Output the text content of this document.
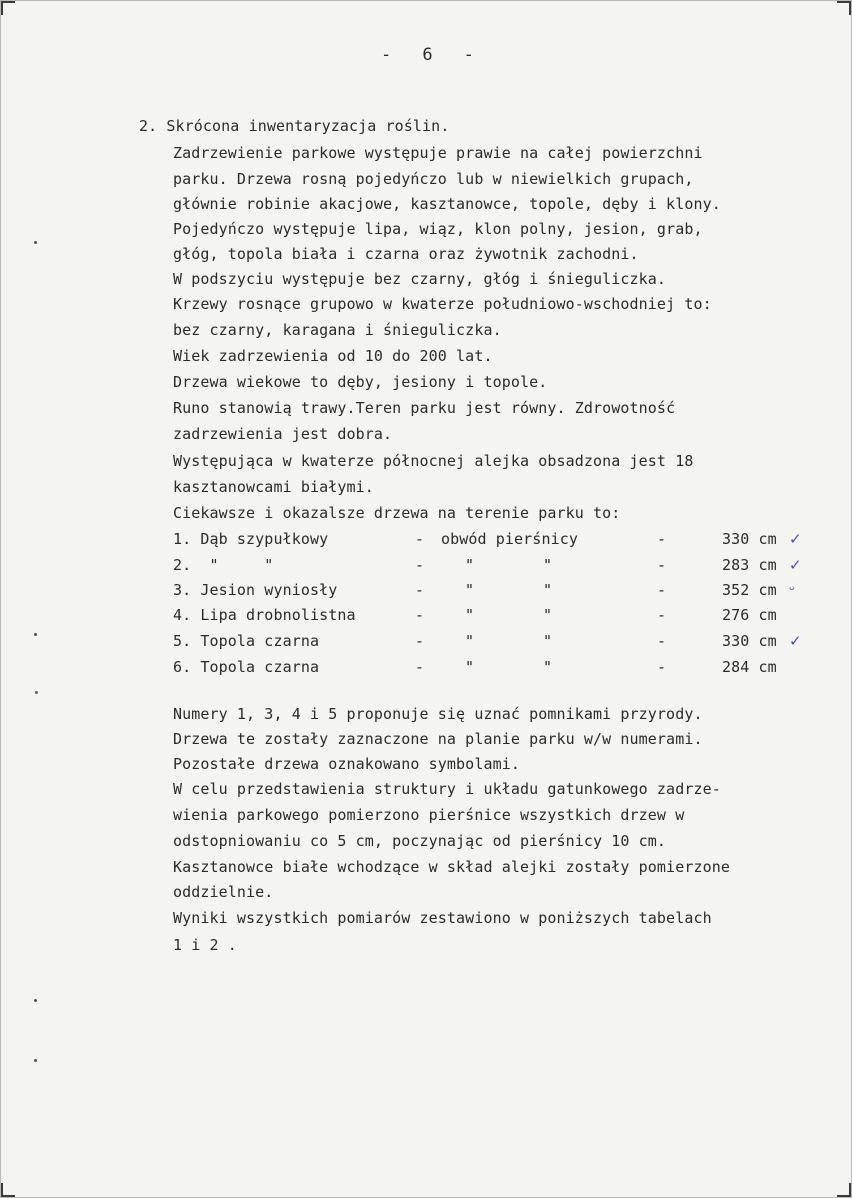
-   6   -
2. Skrócona inwentaryzacja roślin.
Zadrzewienie parkowe występuje prawie na całej powierzchni
parku. Drzewa rosną pojedyńczo lub w niewielkich grupach,
głównie robinie akacjowe, kasztanowce, topole, dęby i klony.
Pojedyńczo występuje lipa, wiąz, klon polny, jesion, grab,
głóg, topola biała i czarna oraz żywotnik zachodni.
W podszyciu występuje bez czarny, głóg i śnieguliczka.
Krzewy rosnące grupowo w kwaterze południowo-wschodniej to:
bez czarny, karagana i śnieguliczka.
Wiek zadrzewienia od 10 do 200 lat.
Drzewa wiekowe to dęby, jesiony i topole.
Runo stanowią trawy.Teren parku jest równy. Zdrowotność
zadrzewienia jest dobra.
Występująca w kwaterze północnej alejka obsadzona jest 18
kasztanowcami białymi.
Ciekawsze i okazalsze drzewa na terenie parku to:
1. Dąb szypułkowy	- obwód pierśnicy	-	330 cm ✓
2.  "     "	-	"	"	-	283 cm ✓
3. Jesion wyniosły	-	"	"	-	352 cm ᵕ
4. Lipa drobnolistna	-	"	"	-	276 cm
5. Topola czarna	-	"	"	-	330 cm ✓
6. Topola czarna	-	"	"	-	284 cm
Numery 1, 3, 4 i 5 proponuje się uznać pomnikami przyrody.
Drzewa te zostały zaznaczone na planie parku w/w numerami.
Pozostałe drzewa oznakowano symbolami.
W celu przedstawienia struktury i układu gatunkowego zadrze-
wienia parkowego pomierzono pierśnice wszystkich drzew w
odstopniowaniu co 5 cm, poczynając od pierśnicy 10 cm.
Kasztanowce białe wchodzące w skład alejki zostały pomierzone
oddzielnie.
Wyniki wszystkich pomiarów zestawiono w poniższych tabelach
1 i 2 .
